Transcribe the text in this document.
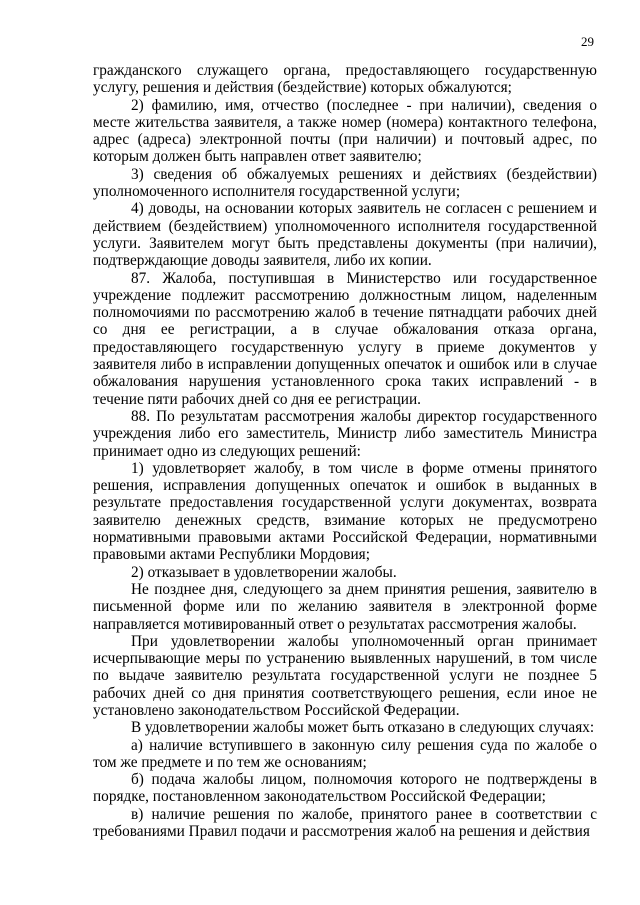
29

гражданского служащего органа, предоставляющего государственную услугу, решения и действия (бездействие) которых обжалуются;

2) фамилию, имя, отчество (последнее - при наличии), сведения о месте жительства заявителя, а также номер (номера) контактного телефона, адрес (адреса) электронной почты (при наличии) и почтовый адрес, по которым должен быть направлен ответ заявителю;

3) сведения об обжалуемых решениях и действиях (бездействии) уполномоченного исполнителя государственной услуги;

4) доводы, на основании которых заявитель не согласен с решением и действием (бездействием) уполномоченного исполнителя государственной услуги. Заявителем могут быть представлены документы (при наличии), подтверждающие доводы заявителя, либо их копии.

87. Жалоба, поступившая в Министерство или государственное учреждение подлежит рассмотрению должностным лицом, наделенным полномочиями по рассмотрению жалоб в течение пятнадцати рабочих дней со дня ее регистрации, а в случае обжалования отказа органа, предоставляющего государственную услугу в приеме документов у заявителя либо в исправлении допущенных опечаток и ошибок или в случае обжалования нарушения установленного срока таких исправлений - в течение пяти рабочих дней со дня ее регистрации.

88. По результатам рассмотрения жалобы директор государственного учреждения либо его заместитель, Министр либо заместитель Министра принимает одно из следующих решений:

1) удовлетворяет жалобу, в том числе в форме отмены принятого решения, исправления допущенных опечаток и ошибок в выданных в результате предоставления государственной услуги документах, возврата заявителю денежных средств, взимание которых не предусмотрено нормативными правовыми актами Российской Федерации, нормативными правовыми актами Республики Мордовия;

2) отказывает в удовлетворении жалобы.

Не позднее дня, следующего за днем принятия решения, заявителю в письменной форме или по желанию заявителя в электронной форме направляется мотивированный ответ о результатах рассмотрения жалобы.

При удовлетворении жалобы уполномоченный орган принимает исчерпывающие меры по устранению выявленных нарушений, в том числе по выдаче заявителю результата государственной услуги не позднее 5 рабочих дней со дня принятия соответствующего решения, если иное не установлено законодательством Российской Федерации.

В удовлетворении жалобы может быть отказано в следующих случаях:

а) наличие вступившего в законную силу решения суда по жалобе о том же предмете и по тем же основаниям;

б) подача жалобы лицом, полномочия которого не подтверждены в порядке, постановленном законодательством Российской Федерации;

в) наличие решения по жалобе, принятого ранее в соответствии с требованиями Правил подачи и рассмотрения жалоб на решения и действия
